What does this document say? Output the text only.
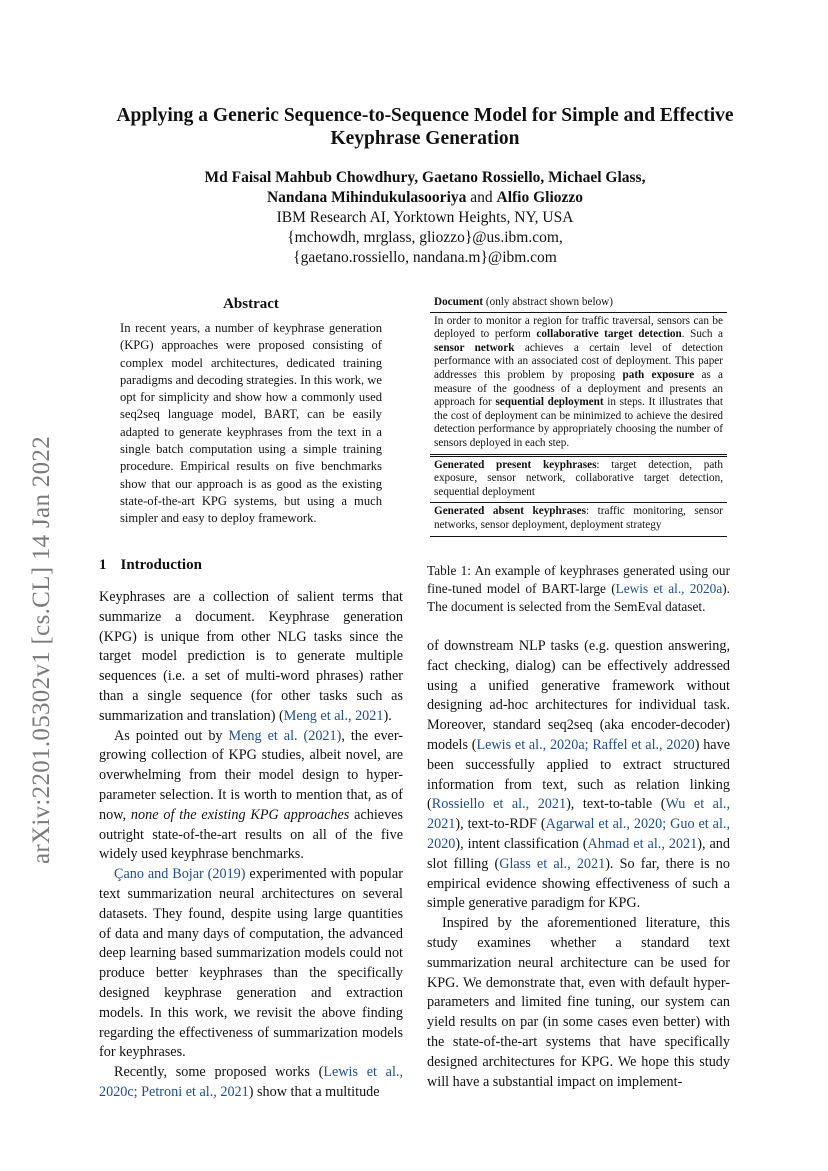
arXiv:2201.05302v1 [cs.CL] 14 Jan 2022
Applying a Generic Sequence-to-Sequence Model for Simple and Effective
Keyphrase Generation
Md Faisal Mahbub Chowdhury, Gaetano Rossiello, Michael Glass,
Nandana Mihindukulasooriya and Alfio Gliozzo
IBM Research AI, Yorktown Heights, NY, USA
{mchowdh, mrglass, gliozzo}@us.ibm.com,
{gaetano.rossiello, nandana.m}@ibm.com
Abstract
In recent years, a number of keyphrase generation (KPG) approaches were proposed consisting of complex model architectures, dedicated training paradigms and decoding strategies. In this work, we opt for simplicity and show how a commonly used seq2seq language model, BART, can be easily adapted to generate keyphrases from the text in a single batch computation using a simple training procedure. Empirical results on five benchmarks show that our approach is as good as the existing state-of-the-art KPG systems, but using a much simpler and easy to deploy framework.
1 Introduction

Keyphrases are a collection of salient terms that summarize a document. Keyphrase generation (KPG) is unique from other NLG tasks since the target model prediction is to generate multiple sequences (i.e. a set of multi-word phrases) rather than a single sequence (for other tasks such as summarization and translation) (Meng et al., 2021).

As pointed out by Meng et al. (2021), the ever-growing collection of KPG studies, albeit novel, are overwhelming from their model design to hyper-parameter selection. It is worth to mention that, as of now, none of the existing KPG approaches achieves outright state-of-the-art results on all of the five widely used keyphrase benchmarks.

Çano and Bojar (2019) experimented with popular text summarization neural architectures on several datasets. They found, despite using large quantities of data and many days of computation, the advanced deep learning based summarization models could not produce better keyphrases than the specifically designed keyphrase generation and extraction models. In this work, we revisit the above finding regarding the effectiveness of summarization models for keyphrases.

Recently, some proposed works (Lewis et al., 2020c; Petroni et al., 2021) show that a multitude

Document (only abstract shown below)
In order to monitor a region for traffic traversal, sensors can be deployed to perform collaborative target detection. Such a sensor network achieves a certain level of detection performance with an associated cost of deployment. This paper addresses this problem by proposing path exposure as a measure of the goodness of a deployment and presents an approach for sequential deployment in steps. It illustrates that the cost of deployment can be minimized to achieve the desired detection performance by appropriately choosing the number of sensors deployed in each step.
Generated present keyphrases: target detection, path exposure, sensor network, collaborative target detection, sequential deployment
Generated absent keyphrases: traffic monitoring, sensor networks, sensor deployment, deployment strategy
Table 1: An example of keyphrases generated using our fine-tuned model of BART-large (Lewis et al., 2020a). The document is selected from the SemEval dataset.

of downstream NLP tasks (e.g. question answering, fact checking, dialog) can be effectively addressed using a unified generative framework without designing ad-hoc architectures for individual task. Moreover, standard seq2seq (aka encoder-decoder) models (Lewis et al., 2020a; Raffel et al., 2020) have been successfully applied to extract structured information from text, such as relation linking (Rossiello et al., 2021), text-to-table (Wu et al., 2021), text-to-RDF (Agarwal et al., 2020; Guo et al., 2020), intent classification (Ahmad et al., 2021), and slot filling (Glass et al., 2021). So far, there is no empirical evidence showing effectiveness of such a simple generative paradigm for KPG.

Inspired by the aforementioned literature, this study examines whether a standard text summarization neural architecture can be used for KPG. We demonstrate that, even with default hyper-parameters and limited fine tuning, our system can yield results on par (in some cases even better) with the state-of-the-art systems that have specifically designed architectures for KPG. We hope this study will have a substantial impact on implement-
